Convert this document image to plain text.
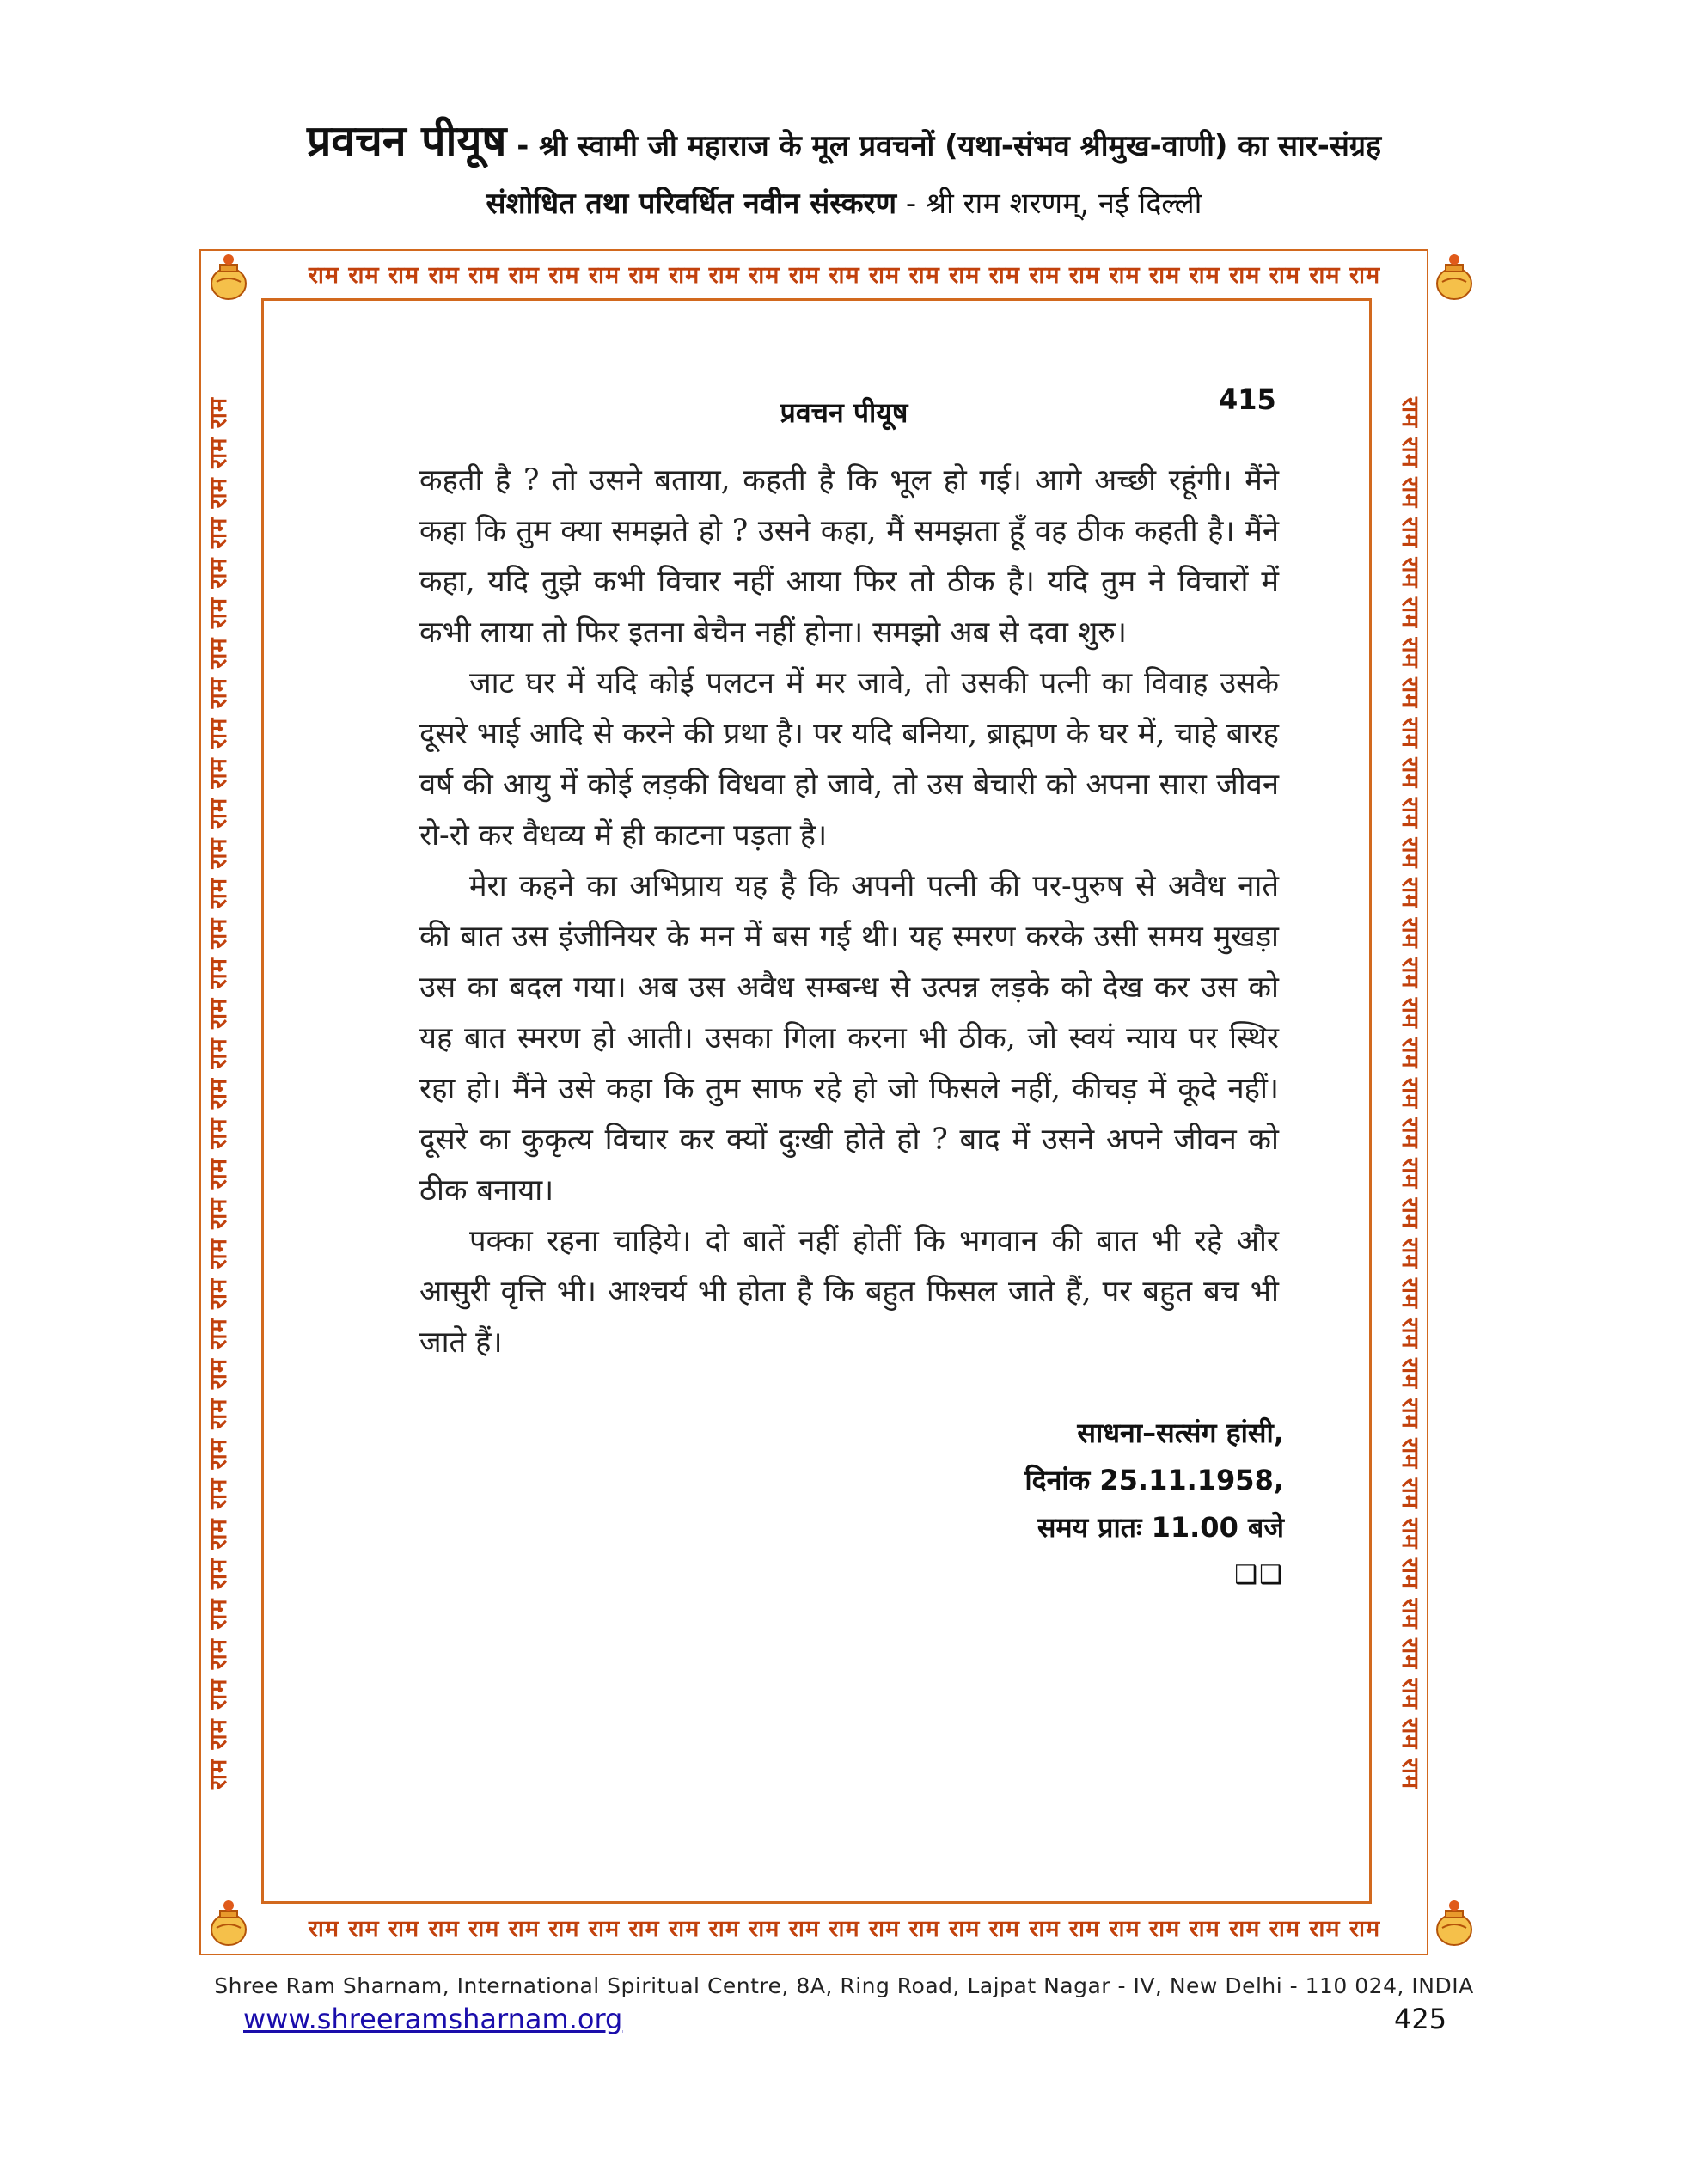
प्रवचन पीयूष - श्री स्वामी जी महाराज के मूल प्रवचनों (यथा-संभव श्रीमुख-वाणी) का सार-संग्रह
संशोधित तथा परिवर्धित नवीन संस्करण - श्री राम शरणम्, नई दिल्ली
राम राम राम राम राम राम राम राम राम राम राम राम राम राम राम राम राम राम राम राम राम राम राम राम राम राम राम
राम राम राम राम राम राम राम राम राम राम राम राम राम राम राम राम राम राम राम राम राम राम राम राम राम राम राम
राम राम राम राम राम राम राम राम राम राम राम राम राम राम राम राम राम राम राम राम राम राम राम राम राम राम राम राम राम राम राम राम राम राम राम	राम राम राम राम राम राम राम राम राम राम राम राम राम राम राम राम राम राम राम राम राम राम राम राम राम राम राम राम राम राम राम राम राम राम राम
प्रवचन पीयूष	415

कहती है ? तो उसने बताया, कहती है कि भूल हो गई। आगे अच्छी रहूंगी। मैंने कहा कि तुम क्या समझते हो ? उसने कहा, मैं समझता हूँ वह ठीक कहती है। मैंने कहा, यदि तुझे कभी विचार नहीं आया फिर तो ठीक है। यदि तुम ने विचारों में कभी लाया तो फिर इतना बेचैन नहीं होना। समझो अब से दवा शुरु।

जाट घर में यदि कोई पलटन में मर जावे, तो उसकी पत्नी का विवाह उसके दूसरे भाई आदि से करने की प्रथा है। पर यदि बनिया, ब्राह्मण के घर में, चाहे बारह वर्ष की आयु में कोई लड़की विधवा हो जावे, तो उस बेचारी को अपना सारा जीवन रो-रो कर वैधव्य में ही काटना पड़ता है।

मेरा कहने का अभिप्राय यह है कि अपनी पत्नी की पर-पुरुष से अवैध नाते की बात उस इंजीनियर के मन में बस गई थी। यह स्मरण करके उसी समय मुखड़ा उस का बदल गया। अब उस अवैध सम्बन्ध से उत्पन्न लड़के को देख कर उस को यह बात स्मरण हो आती। उसका गिला करना भी ठीक, जो स्वयं न्याय पर स्थिर रहा हो। मैंने उसे कहा कि तुम साफ रहे हो जो फिसले नहीं, कीचड़ में कूदे नहीं। दूसरे का कुकृत्य विचार कर क्यों दुःखी होते हो ? बाद में उसने अपने जीवन को ठीक बनाया।

पक्का रहना चाहिये। दो बातें नहीं होतीं कि भगवान की बात भी रहे और आसुरी वृत्ति भी। आश्चर्य भी होता है कि बहुत फिसल जाते हैं, पर बहुत बच भी जाते हैं।

साधना–सत्संग हांसी,
दिनांक 25.11.1958,
समय प्रातः 11.00 बजे
❑❑
Shree Ram Sharnam, International Spiritual Centre, 8A, Ring Road, Lajpat Nagar - IV, New Delhi - 110 024, INDIA
www.shreeramsharnam.org	425
